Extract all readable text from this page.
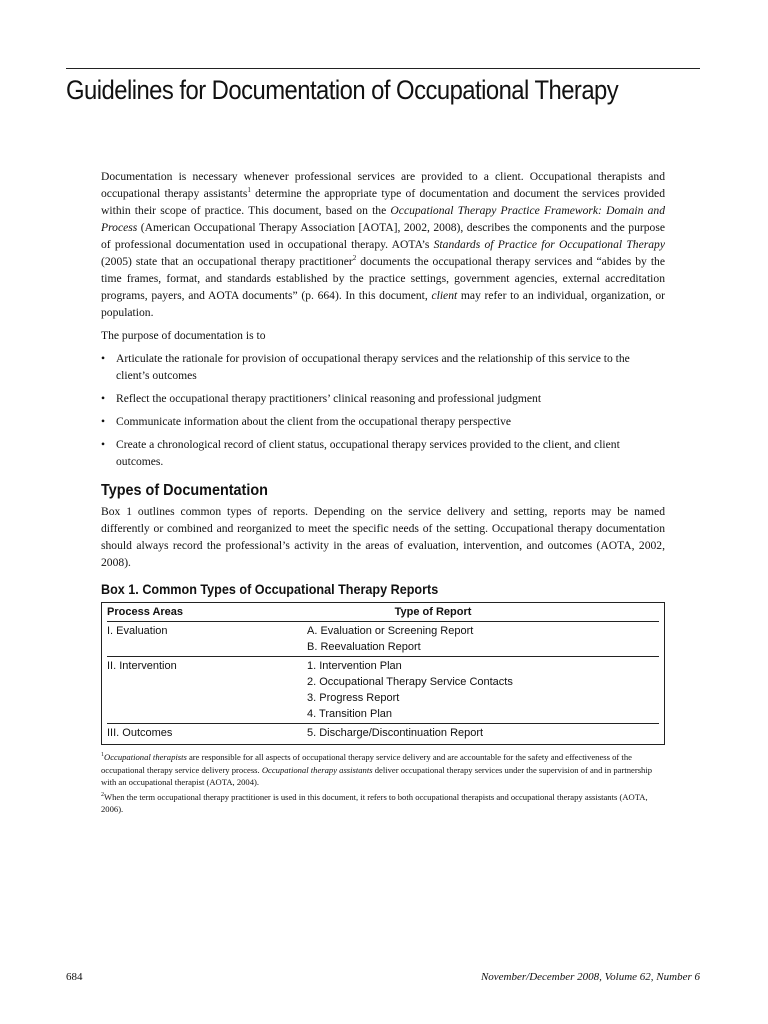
Guidelines for Documentation of Occupational Therapy

Documentation is necessary whenever professional services are provided to a client. Occupational therapists and occupational therapy assistants$^1$ determine the appropriate type of documentation and document the services provided within their scope of practice. This document, based on the Occupational Therapy Practice Framework: Domain and Process (American Occupational Therapy Association [AOTA], 2002, 2008), describes the components and the purpose of professional documentation used in occupational therapy. AOTA’s Standards of Practice for Occupational Therapy (2005) state that an occupational therapy practitioner$^2$ documents the occupational therapy services and “abides by the time frames, format, and standards established by the practice settings, government agencies, external accreditation programs, payers, and AOTA documents” (p. 664). In this document, client may refer to an individual, organization, or population.

The purpose of documentation is to

• Articulate the rationale for provision of occupational therapy services and the relationship of this service to the client’s outcomes
• Reflect the occupational therapy practitioners’ clinical reasoning and professional judgment
• Communicate information about the client from the occupational therapy perspective
• Create a chronological record of client status, occupational therapy services provided to the client, and client outcomes.
Types of Documentation

Box 1 outlines common types of reports. Depending on the service delivery and setting, reports may be named differently or combined and reorganized to meet the specific needs of the setting. Occupational therapy documentation should always record the professional’s activity in the areas of evaluation, intervention, and outcomes (AOTA, 2002, 2008).

Box 1. Common Types of Occupational Therapy Reports
Process Areas	Type of Report
I. Evaluation	A. Evaluation or Screening Report
B. Reevaluation Report
II. Intervention	1. Intervention Plan
2. Occupational Therapy Service Contacts
3. Progress Report
4. Transition Plan
III. Outcomes	5. Discharge/Discontinuation Report

$^1$Occupational therapists are responsible for all aspects of occupational therapy service delivery and are accountable for the safety and effectiveness of the occupational therapy service delivery process. Occupational therapy assistants deliver occupational therapy services under the supervision of and in partnership with an occupational therapist (AOTA, 2004).

$^2$When the term occupational therapy practitioner is used in this document, it refers to both occupational therapists and occupational therapy assistants (AOTA, 2006).

684	November/December 2008, Volume 62, Number 6
